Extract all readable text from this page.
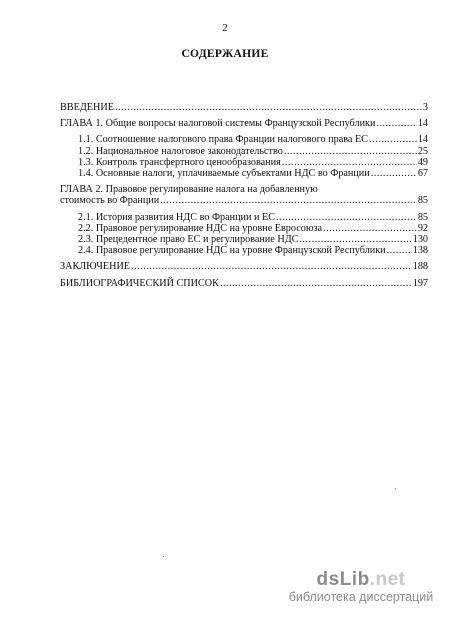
2
СОДЕРЖАНИЕ
ВВЕДЕНИЕ .....	3
ГЛАВА 1. Общие вопросы налоговой системы Французской Республики .....	14
1.1. Соотношение налогового права Франции налогового права ЕС .....	14
1.2. Национальное налоговое законодательство .....	25
1.3. Контроль трансфертного ценообразования .....	49
1.4. Основные налоги, уплачиваемые субъектами НДС во Франции .....	67
ГЛАВА 2. Правовое регулирование налога на добавленную
стоимость во Франции .....	85
2.1. История развития НДС во Франции и ЕС .....	85
2.2. Правовое регулирование НДС на уровне Евросоюза .....	92
2.3. Прецедентное право ЕС и регулирование НДС .....	130
2.4. Правовое регулирование НДС на уровне Французской Республики .....	138
ЗАКЛЮЧЕНИЕ .....	188
БИБЛИОГРАФИЧЕСКИЙ СПИСОК .....	197
dsLib.net
библиотека диссертаций
